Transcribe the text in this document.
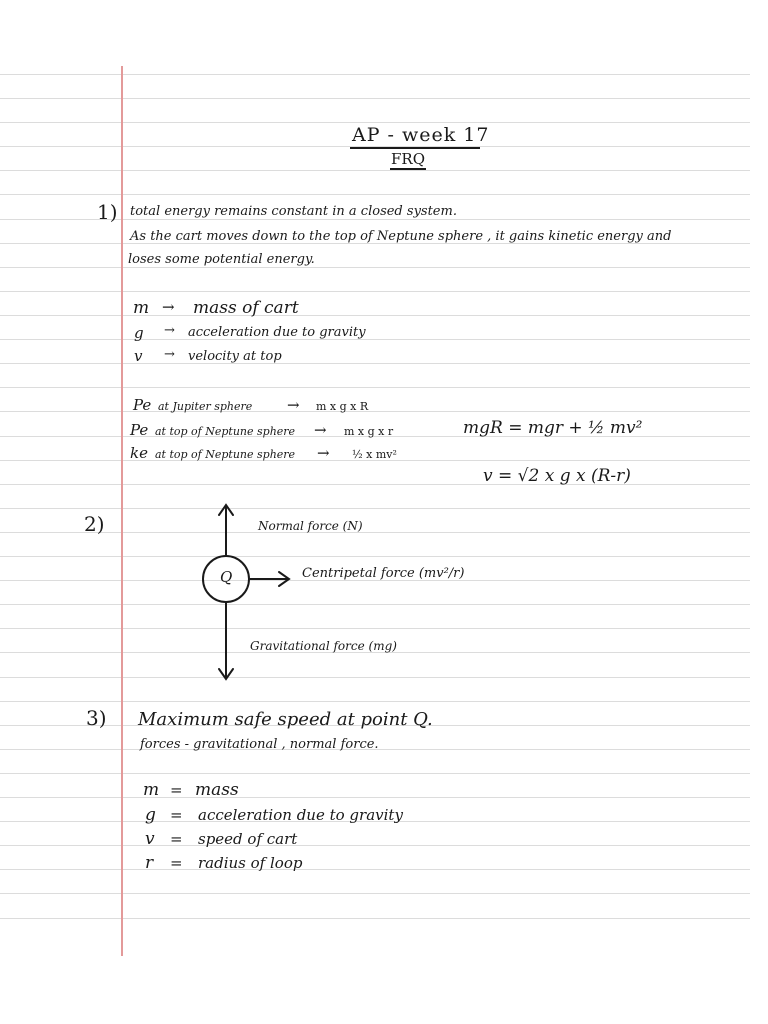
AP - week 17
FRQ
1) total energy remains constant in a closed system.
As the cart moves down to the top of Neptune sphere , it gains kinetic energy and
loses some potential energy.
m → mass of cart
g → acceleration due to gravity
v → velocity at top
Pe at Jupiter sphere → m x g x R
Pe at top of Neptune sphere → m x g x r
ke at top of Neptune sphere → ½ x mv²
mgR = mgr + ½ mv²
v = √2 x g x (R-r)
2)
Q
Normal force (N)
Centripetal force (mv²/r)
Gravitational force (mg)
3) Maximum safe speed at point Q.
forces - gravitational , normal force.
m = mass
g = acceleration due to gravity
v = speed of cart
r = radius of loop
